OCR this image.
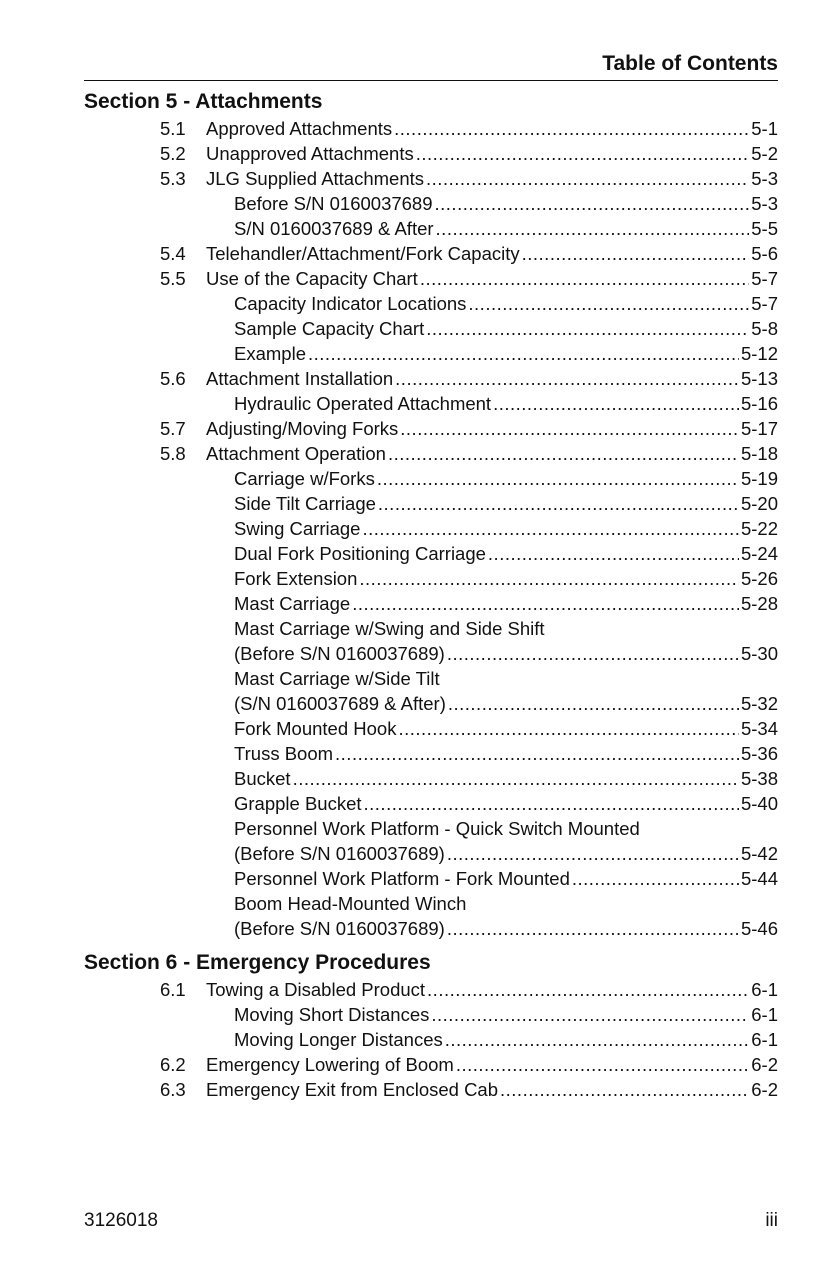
Table of Contents
Section 5 - Attachments
5.1	Approved Attachments .....	5-1
5.2	Unapproved Attachments .....	5-2
5.3	JLG Supplied Attachments .....	5-3
Before S/N 0160037689 .....	5-3
S/N 0160037689 & After .....	5-5
5.4	Telehandler/Attachment/Fork Capacity .....	5-6
5.5	Use of the Capacity Chart .....	5-7
Capacity Indicator Locations .....	5-7
Sample Capacity Chart .....	5-8
Example .....	5-12
5.6	Attachment Installation .....	5-13
Hydraulic Operated Attachment .....	5-16
5.7	Adjusting/Moving Forks .....	5-17
5.8	Attachment Operation .....	5-18
Carriage w/Forks .....	5-19
Side Tilt Carriage .....	5-20
Swing Carriage .....	5-22
Dual Fork Positioning Carriage .....	5-24
Fork Extension .....	5-26
Mast Carriage .....	5-28
Mast Carriage w/Swing and Side Shift
(Before S/N 0160037689) .....	5-30
Mast Carriage w/Side Tilt
(S/N 0160037689 & After) .....	5-32
Fork Mounted Hook .....	5-34
Truss Boom .....	5-36
Bucket .....	5-38
Grapple Bucket .....	5-40
Personnel Work Platform - Quick Switch Mounted
(Before S/N 0160037689) .....	5-42
Personnel Work Platform - Fork Mounted .....	5-44
Boom Head-Mounted Winch
(Before S/N 0160037689) .....	5-46
Section 6 - Emergency Procedures
6.1	Towing a Disabled Product .....	6-1
Moving Short Distances .....	6-1
Moving Longer Distances .....	6-1
6.2	Emergency Lowering of Boom .....	6-2
6.3	Emergency Exit from Enclosed Cab .....	6-2
3126018	iii
